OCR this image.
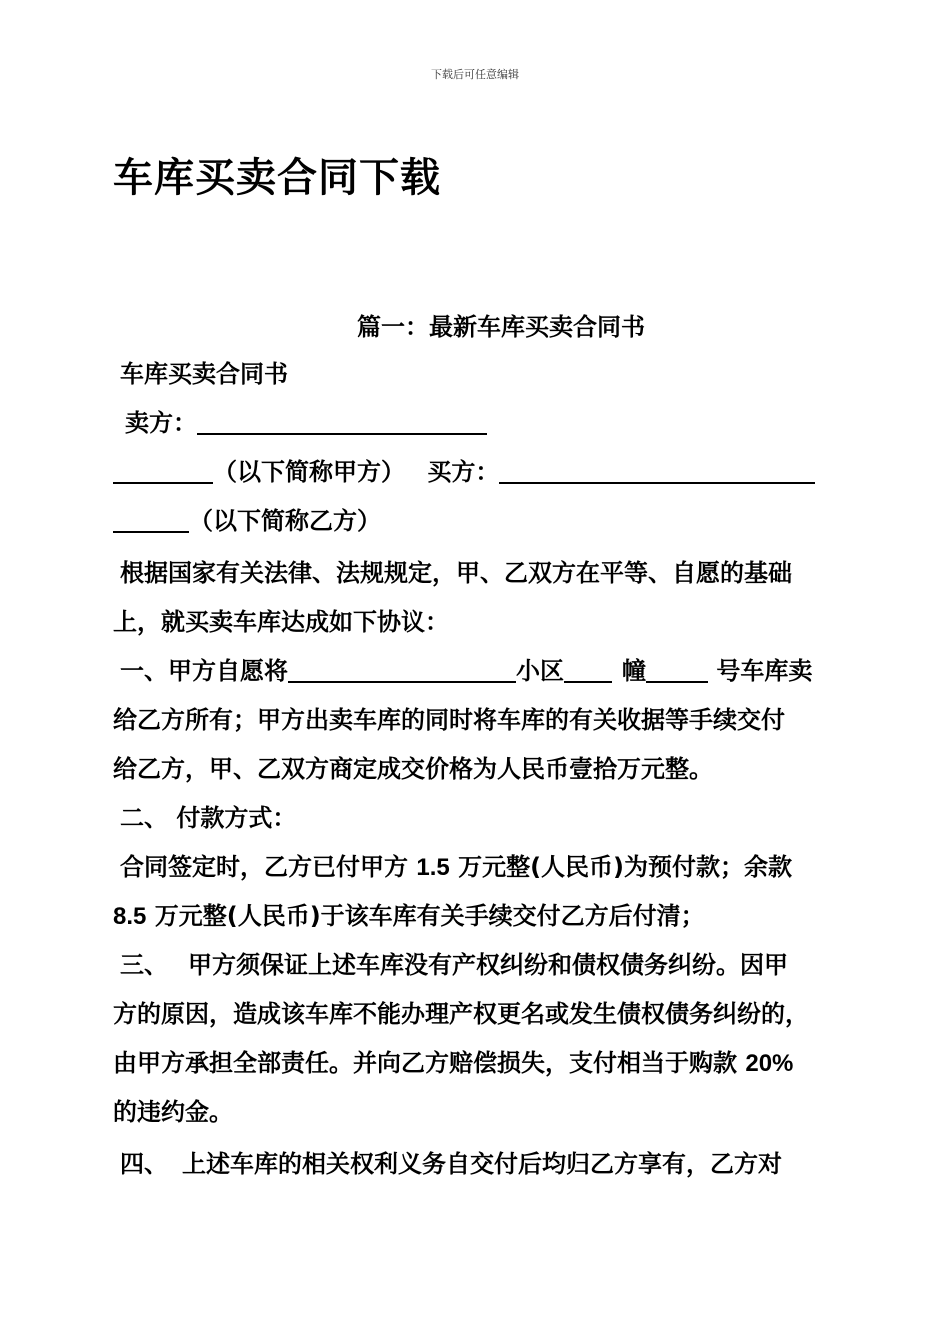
下载后可任意编辑
车库买卖合同下载
篇一：最新车库买卖合同书
车库买卖合同书
卖方：
（以下简称甲方） 买方：
（以下简称乙方）
根据国家有关法律、法规规定，甲、乙双方在平等、自愿的基础
上，就买卖车库达成如下协议：
一、甲方自愿将	小区 幢	号车库卖
给乙方所有；甲方出卖车库的同时将车库的有关收据等手续交付
给乙方，甲、乙双方商定成交价格为人民币壹拾万元整。
二、 付款方式：
合同签定时，乙方已付甲方 1.5 万元整(人民币)为预付款；余款
8.5 万元整(人民币)于该车库有关手续交付乙方后付清；
三、 甲方须保证上述车库没有产权纠纷和债权债务纠纷。因甲
方的原因，造成该车库不能办理产权更名或发生债权债务纠纷的，
由甲方承担全部责任。并向乙方赔偿损失，支付相当于购款 20%
的违约金。
四、 上述车库的相关权利义务自交付后均归乙方享有，乙方对
